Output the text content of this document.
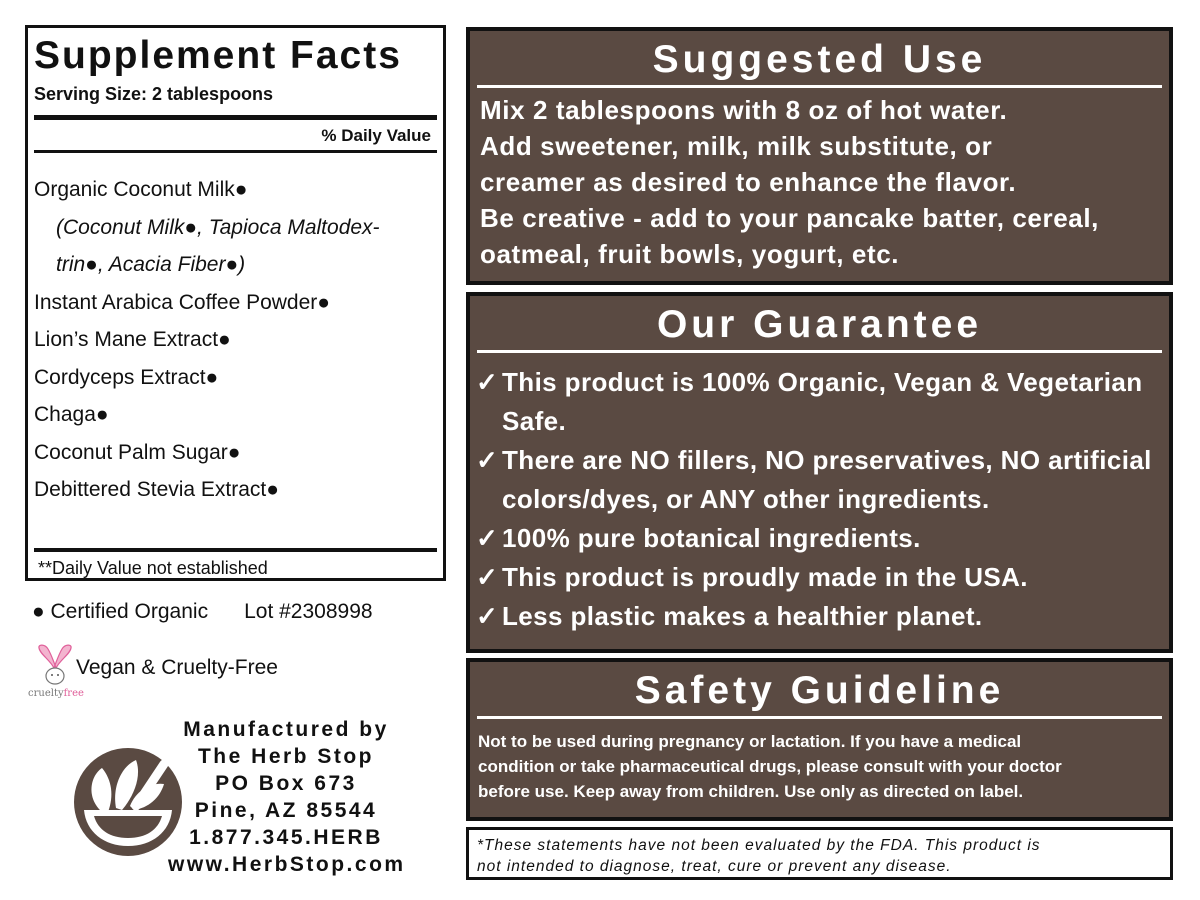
Supplement Facts
Serving Size: 2 tablespoons
% Daily Value
Organic Coconut Milk●
(Coconut Milk●, Tapioca Maltodex-
trin●, Acacia Fiber●)
Instant Arabica Coffee Powder●
Lion’s Mane Extract●
Cordyceps Extract●
Chaga●
Coconut Palm Sugar●
Debittered Stevia Extract●
**Daily Value not established
● Certified Organic Lot #2308998
crueltyfree
Vegan & Cruelty-Free
Manufactured by
The Herb Stop
PO Box 673
Pine, AZ 85544
1.877.345.HERB
www.HerbStop.com
Suggested Use
Mix 2 tablespoons with 8 oz of hot water.
Add sweetener, milk, milk substitute, or
creamer as desired to enhance the flavor.
Be creative - add to your pancake batter, cereal,
oatmeal, fruit bowls, yogurt, etc.
Our Guarantee
✓ This product is 100% Organic, Vegan & Vegetarian Safe.
✓ There are NO fillers, NO preservatives, NO artificial colors/dyes, or ANY other ingredients.
✓ 100% pure botanical ingredients.
✓ This product is proudly made in the USA.
✓ Less plastic makes a healthier planet.
Safety Guideline
Not to be used during pregnancy or lactation. If you have a medical
condition or take pharmaceutical drugs, please consult with your doctor
before use. Keep away from children. Use only as directed on label.
*These statements have not been evaluated by the FDA. This product is
not intended to diagnose, treat, cure or prevent any disease.
